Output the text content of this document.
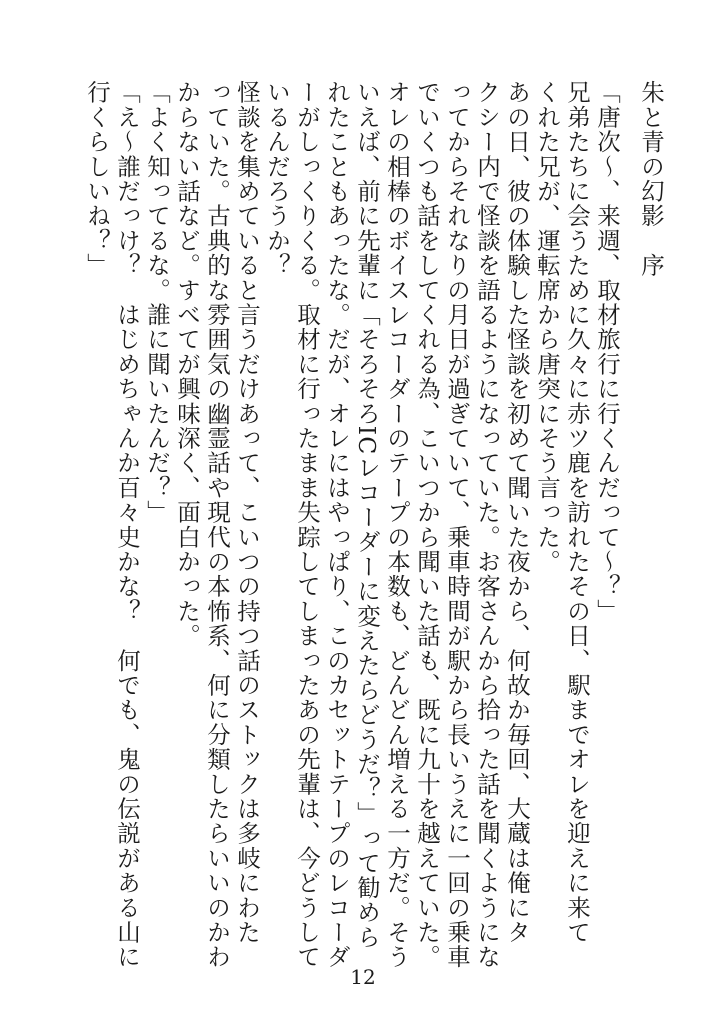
朱と青の幻影　序
「唐次～、来週、取材旅行に行くんだって～？」
兄弟たちに会うために久々に赤ツ鹿を訪れたその日、駅までオレを迎えに来て
くれた兄が、運転席から唐突にそう言った。
あの日、彼の体験した怪談を初めて聞いた夜から、何故か毎回、大蔵は俺にタ
クシー内で怪談を語るようになっていた。お客さんから拾った話を聞くようにな
ってからそれなりの月日が過ぎていて、乗車時間が駅から長いうえに一回の乗車
でいくつも話をしてくれる為、こいつから聞いた話も、既に九十を越えていた。
オレの相棒のボイスレコーダーのテープの本数も、どんどん増える一方だ。そう
いえば、前に先輩に「そろそろICレコーダーに変えたらどうだ？」って勧めら
れたこともあったな。だが、オレにはやっぱり、このカセットテープのレコーダ
ーがしっくりくる。取材に行ったまま失踪してしまったあの先輩は、今どうして
いるんだろうか？
怪談を集めていると言うだけあって、こいつの持つ話のストックは多岐にわた
っていた。古典的な雰囲気の幽霊話や現代の本怖系、何に分類したらいいのかわ
からない話など。すべてが興味深く、面白かった。
「よく知ってるな。誰に聞いたんだ？」
「え～誰だっけ？　はじめちゃんか百々史かな？　何でも、鬼の伝説がある山に
行くらしいね？」
12
